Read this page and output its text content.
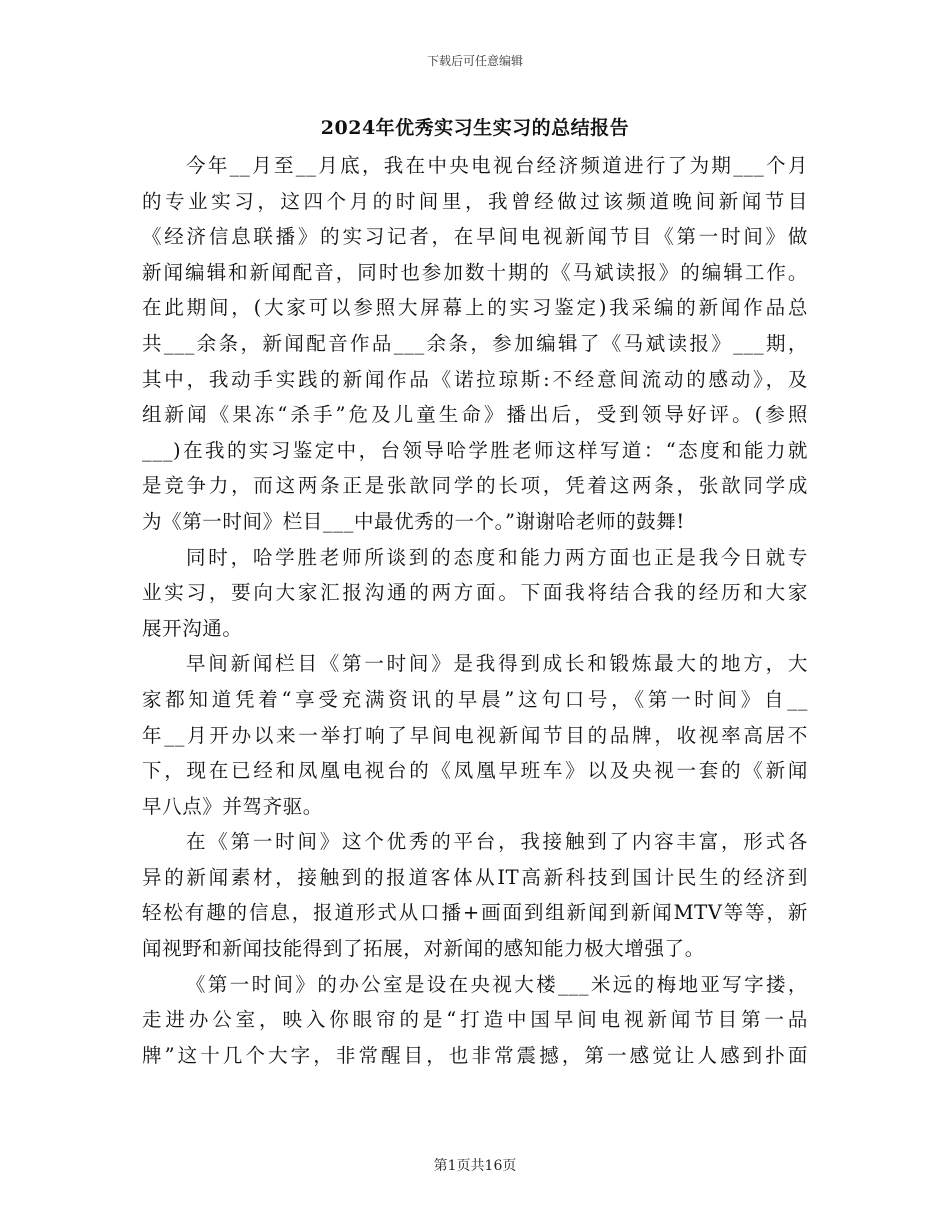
下载后可任意编辑
2024年优秀实习生实习的总结报告
今年__月至__月底，我在中央电视台经济频道进行了为期___个月
的专业实习，这四个月的时间里，我曾经做过该频道晚间新闻节目
《经济信息联播》的实习记者，在早间电视新闻节目《第一时间》做
新闻编辑和新闻配音，同时也参加数十期的《马斌读报》的编辑工作。
在此期间，(大家可以参照大屏幕上的实习鉴定)我采编的新闻作品总
共___余条，新闻配音作品___余条，参加编辑了《马斌读报》___期，
其中，我动手实践的新闻作品《诺拉琼斯:不经意间流动的感动》，及
组新闻《果冻“杀手”危及儿童生命》播出后，受到领导好评。(参照
___)在我的实习鉴定中，台领导哈学胜老师这样写道：“态度和能力就
是竞争力，而这两条正是张歆同学的长项，凭着这两条，张歆同学成
为《第一时间》栏目___中最优秀的一个。”谢谢哈老师的鼓舞!
同时，哈学胜老师所谈到的态度和能力两方面也正是我今日就专
业实习，要向大家汇报沟通的两方面。下面我将结合我的经历和大家
展开沟通。
早间新闻栏目《第一时间》是我得到成长和锻炼最大的地方，大
家都知道凭着“享受充满资讯的早晨”这句口号，《第一时间》自__
年__月开办以来一举打响了早间电视新闻节目的品牌，收视率高居不
下，现在已经和凤凰电视台的《凤凰早班车》以及央视一套的《新闻
早八点》并驾齐驱。
在《第一时间》这个优秀的平台，我接触到了内容丰富，形式各
异的新闻素材，接触到的报道客体从IT高新科技到国计民生的经济到
轻松有趣的信息，报道形式从口播+画面到组新闻到新闻MTV等等，新
闻视野和新闻技能得到了拓展，对新闻的感知能力极大增强了。
《第一时间》的办公室是设在央视大楼___米远的梅地亚写字搂，
走进办公室，映入你眼帘的是“打造中国早间电视新闻节目第一品
牌”这十几个大字，非常醒目，也非常震撼，第一感觉让人感到扑面
第1页共16页
